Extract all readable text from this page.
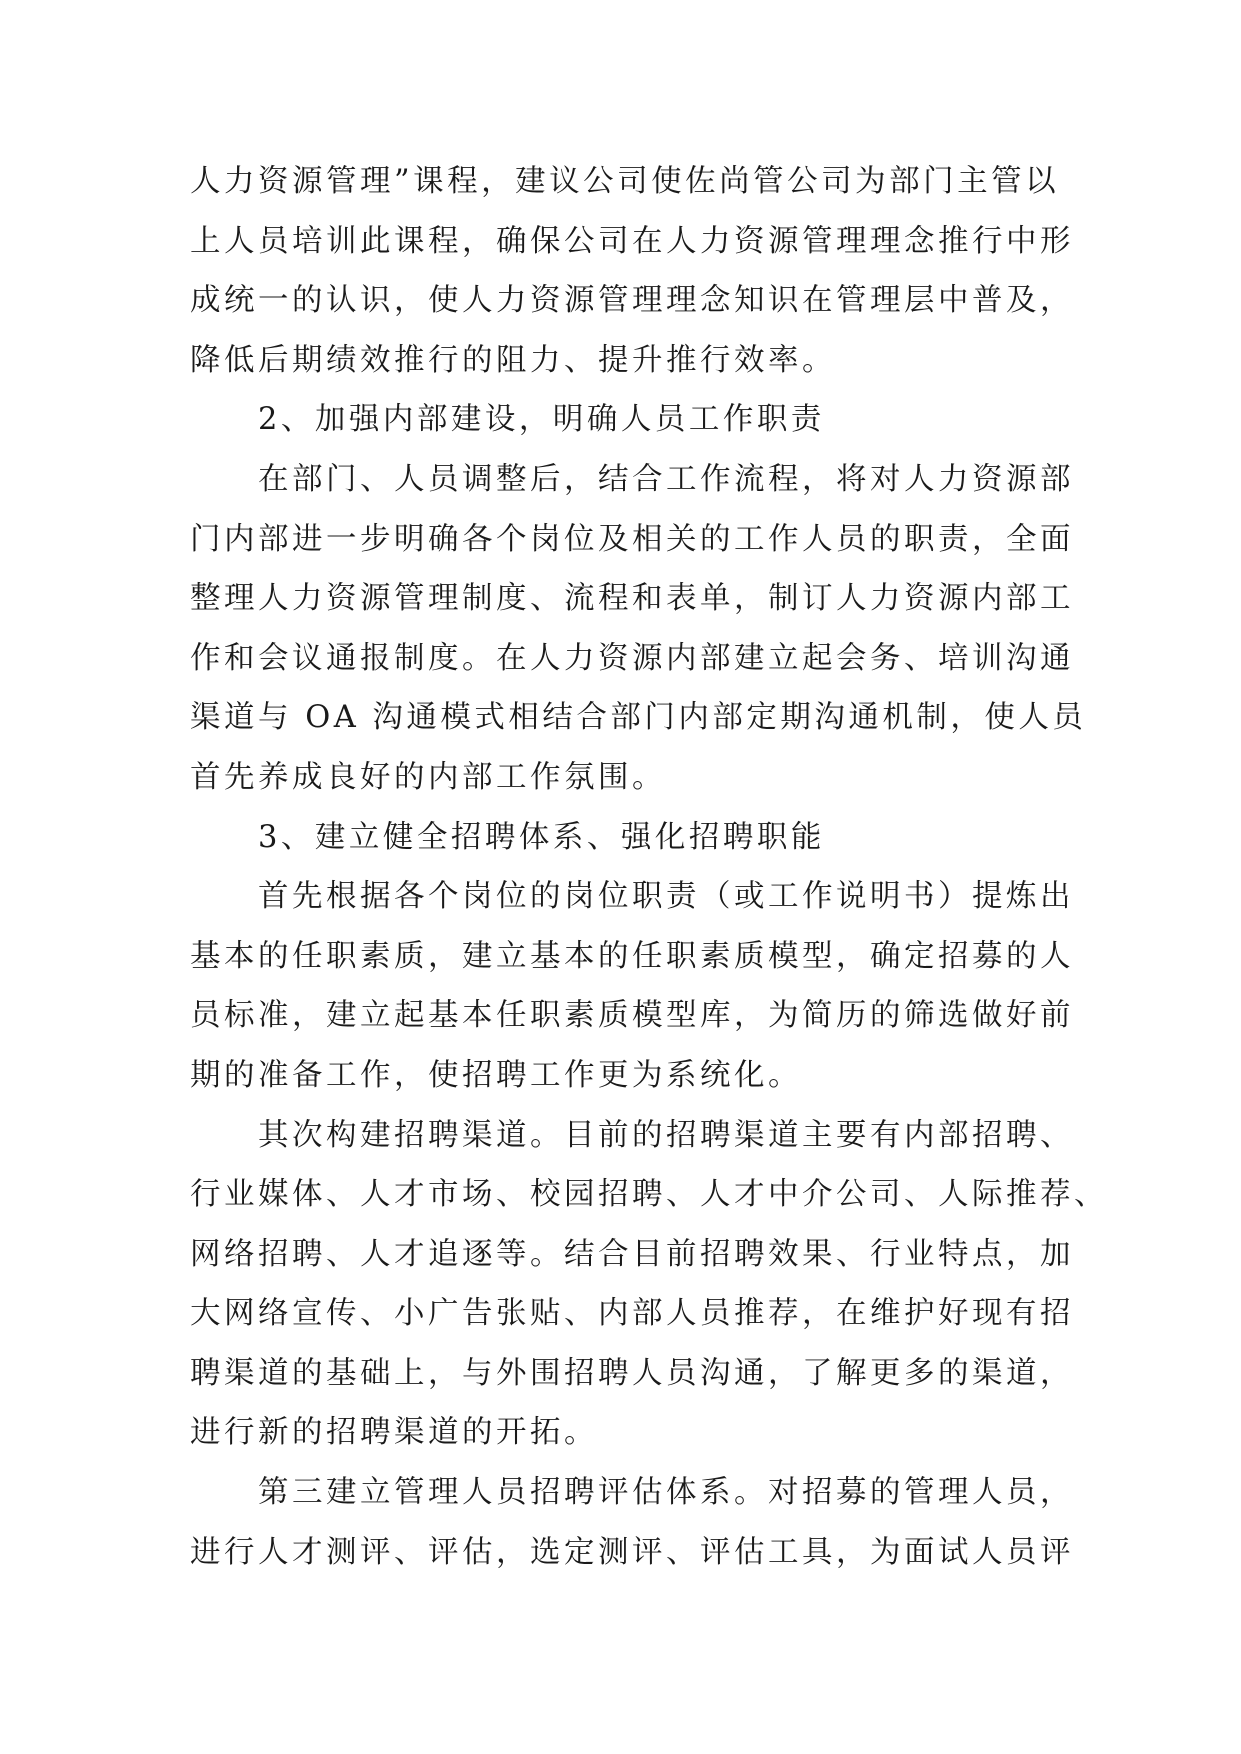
人力资源管理”课程，建议公司使佐尚管公司为部门主管以
上人员培训此课程，确保公司在人力资源管理理念推行中形
成统一的认识，使人力资源管理理念知识在管理层中普及，
降低后期绩效推行的阻力、提升推行效率。
2、加强内部建设，明确人员工作职责
在部门、人员调整后，结合工作流程，将对人力资源部
门内部进一步明确各个岗位及相关的工作人员的职责，全面
整理人力资源管理制度、流程和表单，制订人力资源内部工
作和会议通报制度。在人力资源内部建立起会务、培训沟通
渠道与 OA 沟通模式相结合部门内部定期沟通机制，使人员
首先养成良好的内部工作氛围。
3、建立健全招聘体系、强化招聘职能
首先根据各个岗位的岗位职责（或工作说明书）提炼出
基本的任职素质，建立基本的任职素质模型，确定招募的人
员标准，建立起基本任职素质模型库，为简历的筛选做好前
期的准备工作，使招聘工作更为系统化。
其次构建招聘渠道。目前的招聘渠道主要有内部招聘、
行业媒体、人才市场、校园招聘、人才中介公司、人际推荐、
网络招聘、人才追逐等。结合目前招聘效果、行业特点，加
大网络宣传、小广告张贴、内部人员推荐，在维护好现有招
聘渠道的基础上，与外围招聘人员沟通，了解更多的渠道，
进行新的招聘渠道的开拓。
第三建立管理人员招聘评估体系。对招募的管理人员，
进行人才测评、评估，选定测评、评估工具，为面试人员评
